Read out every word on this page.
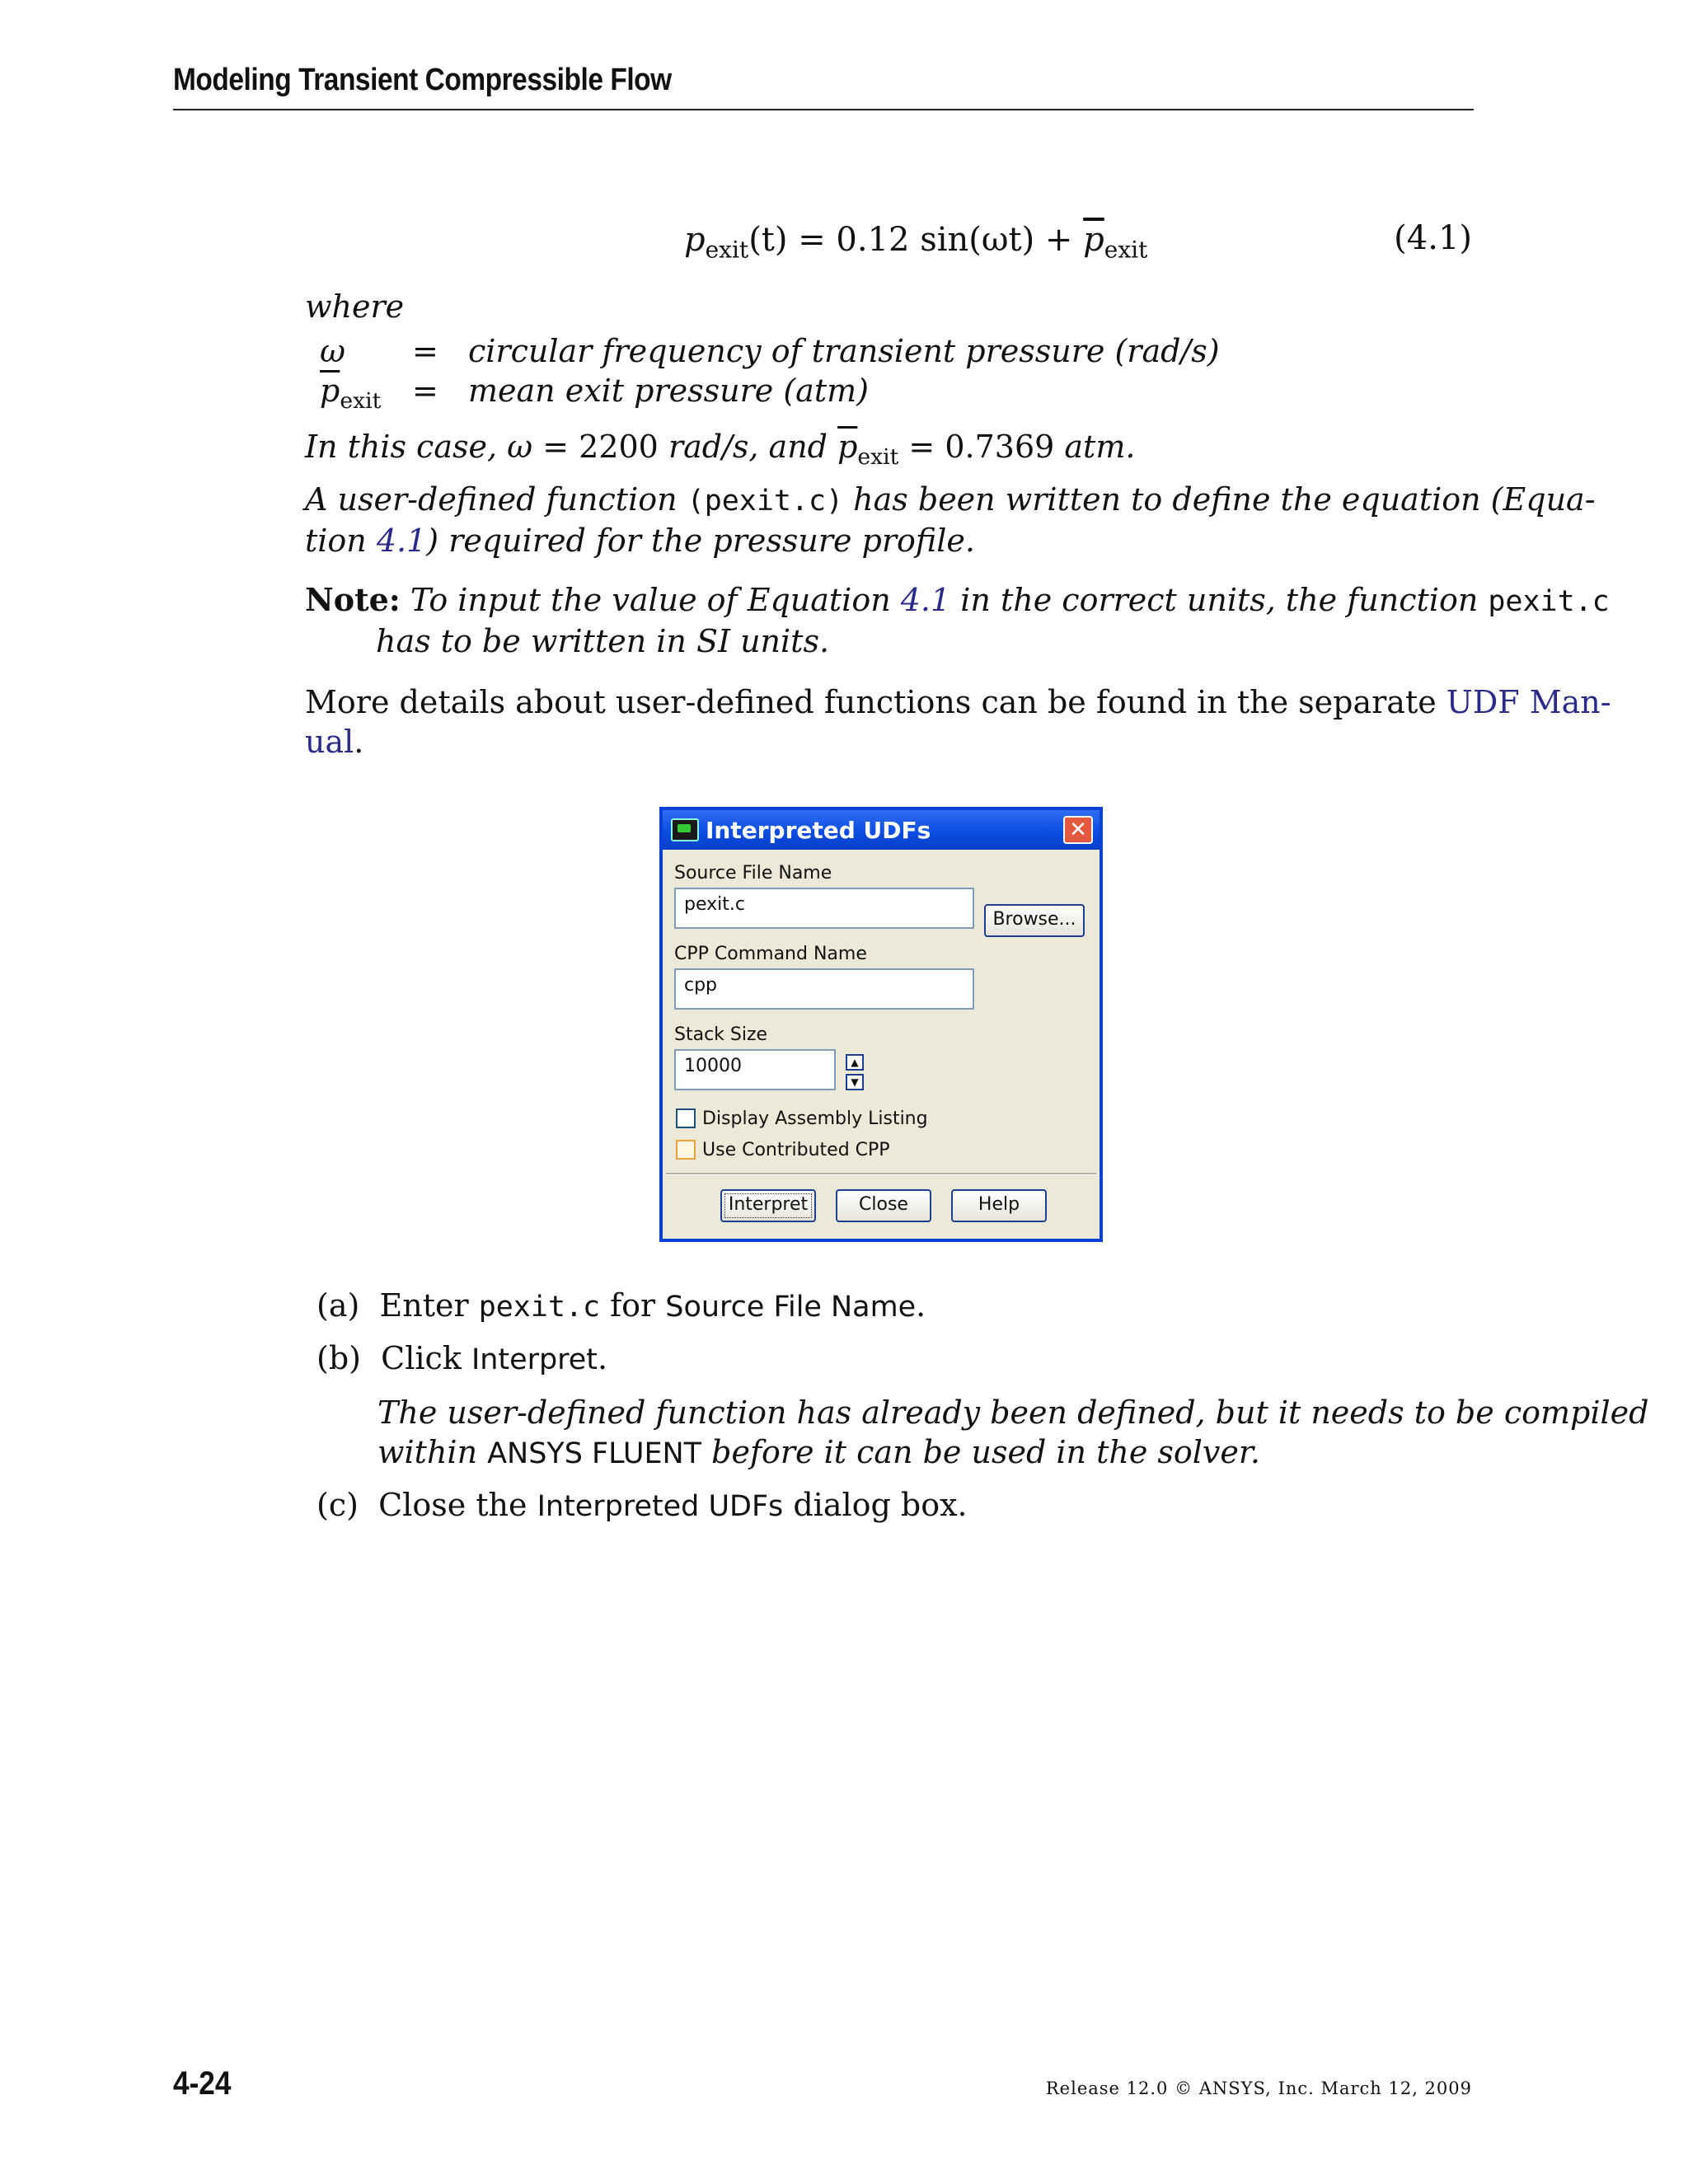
Modeling Transient Compressible Flow
$p_{exit}(t) = 0.12$ $\sin(\omega t) + \overline{p}_{exit}$	(4.1)
where
ω = circular frequency of transient pressure (rad/s)
$\overline{p}_{exit}$ = mean exit pressure (atm)
In this case, ω = 2200 rad/s, and $\overline{p}_{exit} = 0.7369$ atm.
A user-defined function (pexit.c) has been written to define the equation (Equa-
tion 4.1) required for the pressure profile.
Note: To input the value of Equation 4.1 in the correct units, the function pexit.c
has to be written in SI units.
More details about user-defined functions can be found in the separate UDF Man-
ual.
Interpreted UDFs	✕
Source File Name
pexit.c
Browse...
CPP Command Name
cpp
Stack Size
10000	▲
▼
Display Assembly Listing
Use Contributed CPP
Interpret	Close	Help
(a) Enter pexit.c for Source File Name.
(b) Click Interpret.
The user-defined function has already been defined, but it needs to be compiled
within ANSYS FLUENT before it can be used in the solver.
(c) Close the Interpreted UDFs dialog box.
4-24	Release 12.0 © ANSYS, Inc. March 12, 2009
